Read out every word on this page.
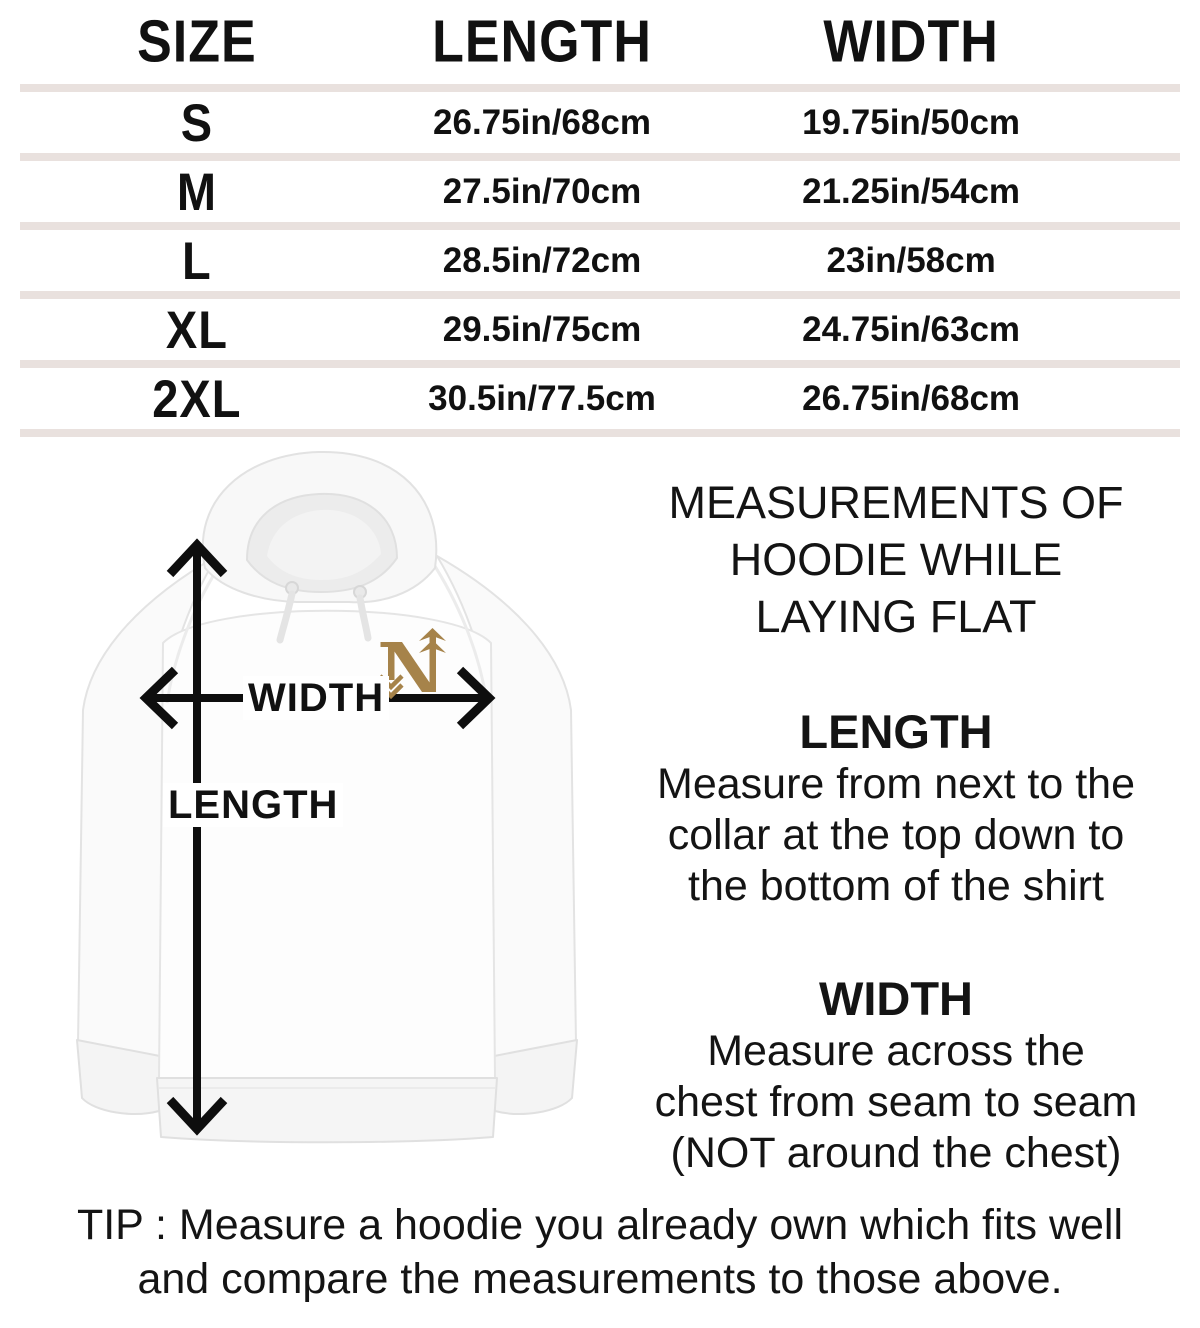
SIZE	LENGTH	WIDTH
S	26.75in/68cm	19.75in/50cm
M	27.5in/70cm	21.25in/54cm
L	28.5in/72cm	23in/58cm
XL	29.5in/75cm	24.75in/63cm
2XL	30.5in/77.5cm	26.75in/68cm
WIDTH
LENGTH
MEASUREMENTS OF
HOODIE WHILE
LAYING FLAT
LENGTH
Measure from next to the
collar at the top down to
the bottom of the shirt
WIDTH
Measure across the
chest from seam to seam
(NOT around the chest)
TIP : Measure a hoodie you already own which fits well
and compare the measurements to those above.
